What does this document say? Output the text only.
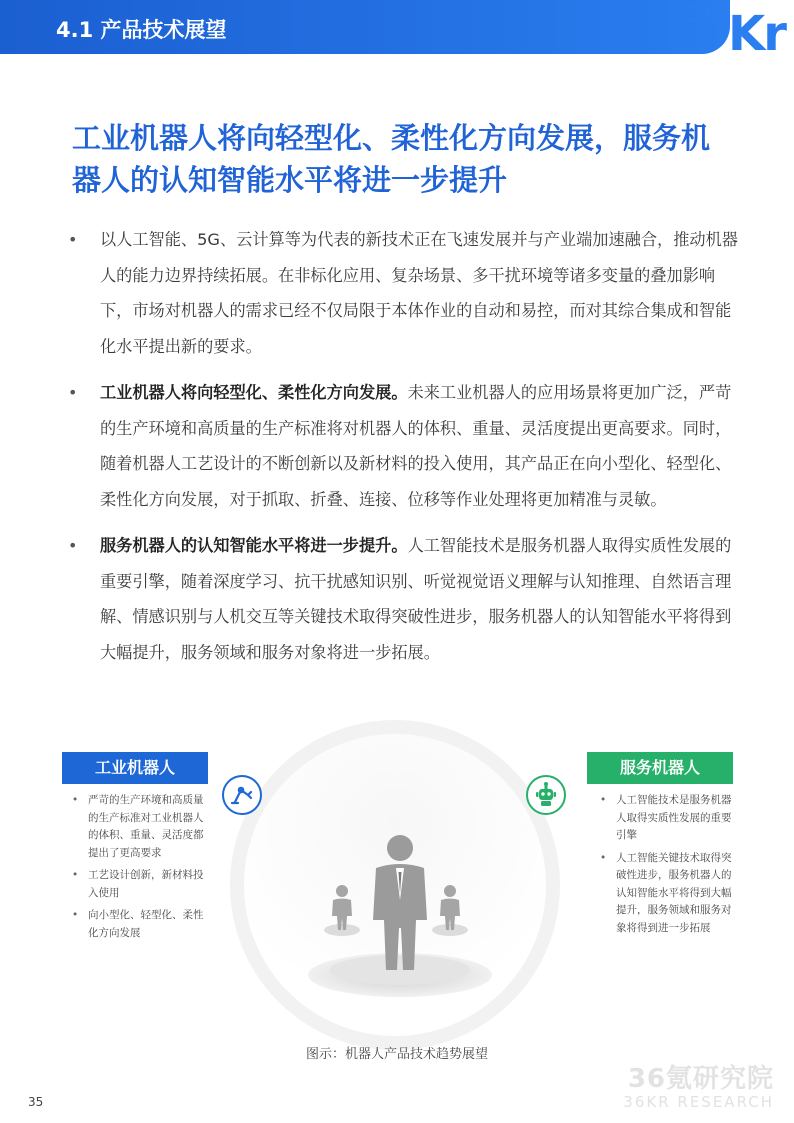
4.1 产品技术展望
36 Kr
工业机器人将向轻型化、柔性化方向发展，服务机器人的认知智能水平将进一步提升
• 以人工智能、5G、云计算等为代表的新技术正在飞速发展并与产业端加速融合，推动机器人的能力边界持续拓展。在非标化应用、复杂场景、多干扰环境等诸多变量的叠加影响下，市场对机器人的需求已经不仅局限于本体作业的自动和易控，而对其综合集成和智能化水平提出新的要求。
• 工业机器人将向轻型化、柔性化方向发展。未来工业机器人的应用场景将更加广泛，严苛的生产环境和高质量的生产标准将对机器人的体积、重量、灵活度提出更高要求。同时，随着机器人工艺设计的不断创新以及新材料的投入使用，其产品正在向小型化、轻型化、柔性化方向发展，对于抓取、折叠、连接、位移等作业处理将更加精准与灵敏。
• 服务机器人的认知智能水平将进一步提升。人工智能技术是服务机器人取得实质性发展的重要引擎，随着深度学习、抗干扰感知识别、听觉视觉语义理解与认知推理、自然语言理解、情感识别与人机交互等关键技术取得突破性进步，服务机器人的认知智能水平将得到大幅提升，服务领域和服务对象将进一步拓展。
工业机器人
• 严苛的生产环境和高质量的生产标准对工业机器人的体积、重量、灵活度都提出了更高要求
• 工艺设计创新，新材料投入使用
• 向小型化、轻型化、柔性化方向发展
服务机器人
• 人工智能技术是服务机器人取得实质性发展的重要引擎
• 人工智能关键技术取得突破性进步，服务机器人的认知智能水平将得到大幅提升，服务领域和服务对象将得到进一步拓展
图示：机器人产品技术趋势展望
36氪研究院
36KR RESEARCH
35
